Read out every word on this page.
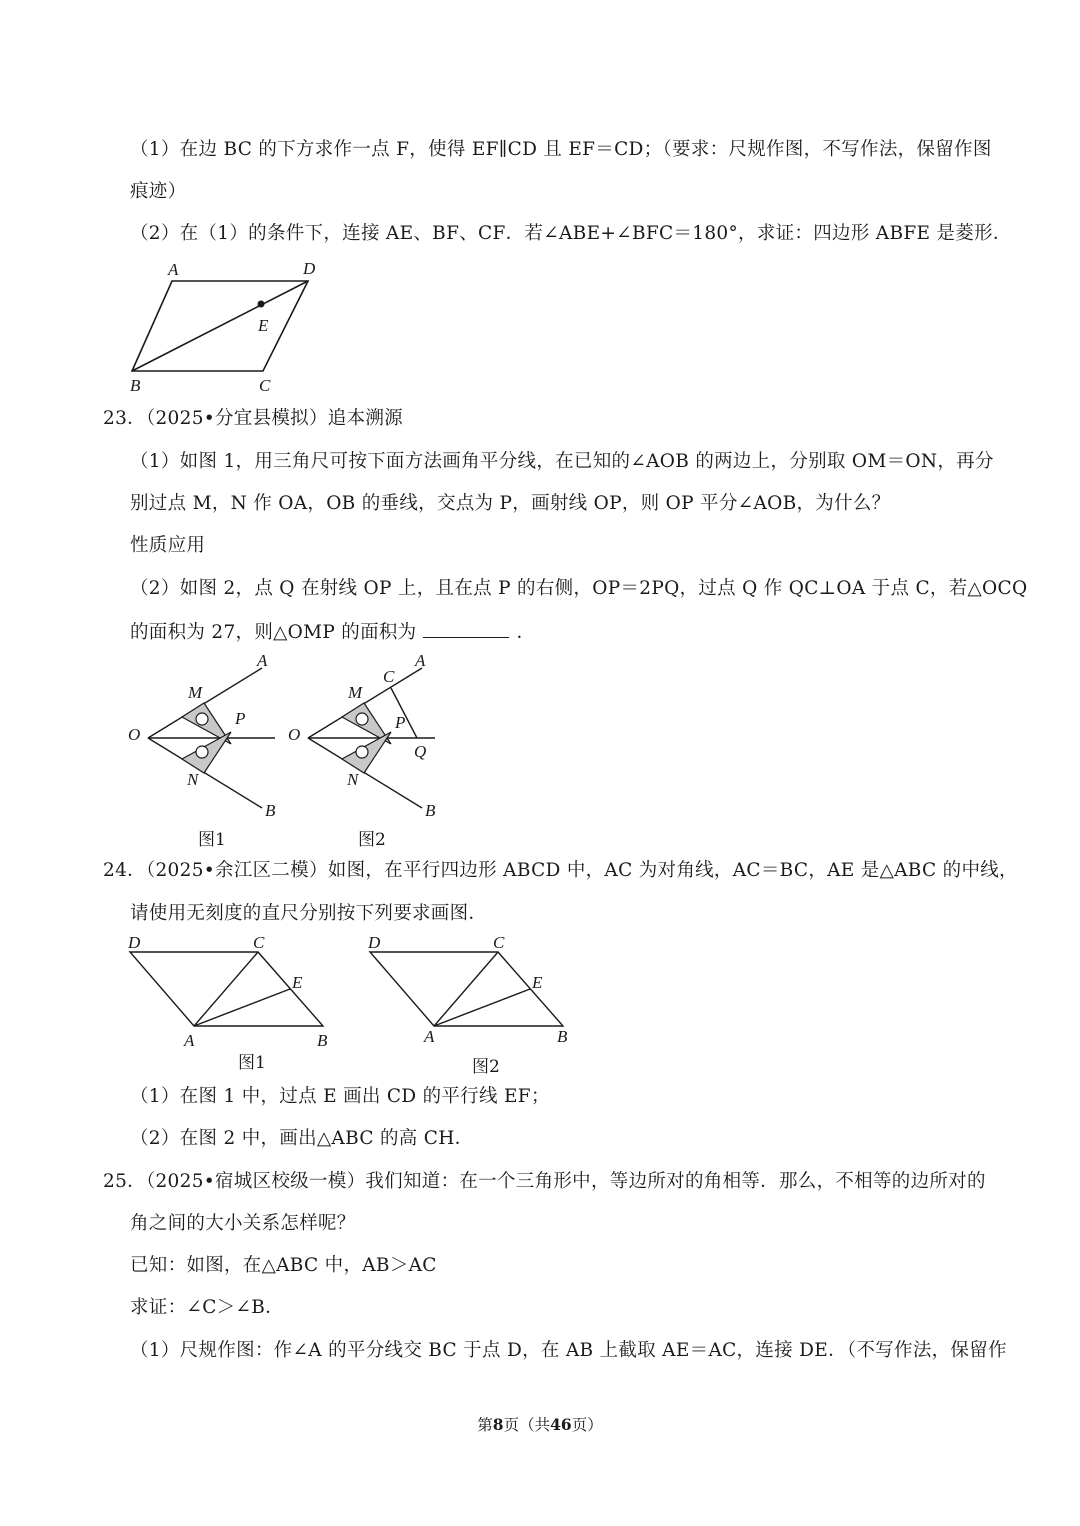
（1）在边 BC 的下方求作一点 F，使得 EF∥CD 且 EF＝CD；（要求：尺规作图，不写作法，保留作图
痕迹）
（2）在（1）的条件下，连接 AE、BF、CF．若∠ABE+∠BFC＝180°，求证：四边形 ABFE 是菱形．
A	D
E
B	C
23．（2025•分宜县模拟）追本溯源
（1）如图 1，用三角尺可按下面方法画角平分线，在已知的∠AOB 的两边上，分别取 OM＝ON，再分
别过点 M，N 作 OA，OB 的垂线，交点为 P，画射线 OP，则 OP 平分∠AOB，为什么？
性质应用
（2）如图 2，点 Q 在射线 OP 上，且在点 P 的右侧，OP＝2PQ，过点 Q 作 QC⊥OA 于点 C，若△OCQ
的面积为 27，则△OMP 的面积为	．
A
M
P
O
N
B
图1
C
A
M
P
O
Q
N
B
图2
24．（2025•余江区二模）如图，在平行四边形 ABCD 中，AC 为对角线，AC＝BC，AE 是△ABC 的中线，
请使用无刻度的直尺分别按下列要求画图．
D	C
E
A	B
图1
D	C
E
A	B
图2
（1）在图 1 中，过点 E 画出 CD 的平行线 EF；
（2）在图 2 中，画出△ABC 的高 CH．
25．（2025•宿城区校级一模）我们知道：在一个三角形中，等边所对的角相等．那么，不相等的边所对的
角之间的大小关系怎样呢？
已知：如图，在△ABC 中，AB＞AC
求证：∠C＞∠B．
（1）尺规作图：作∠A 的平分线交 BC 于点 D，在 AB 上截取 AE＝AC，连接 DE．（不写作法，保留作
第8页（共46页）
